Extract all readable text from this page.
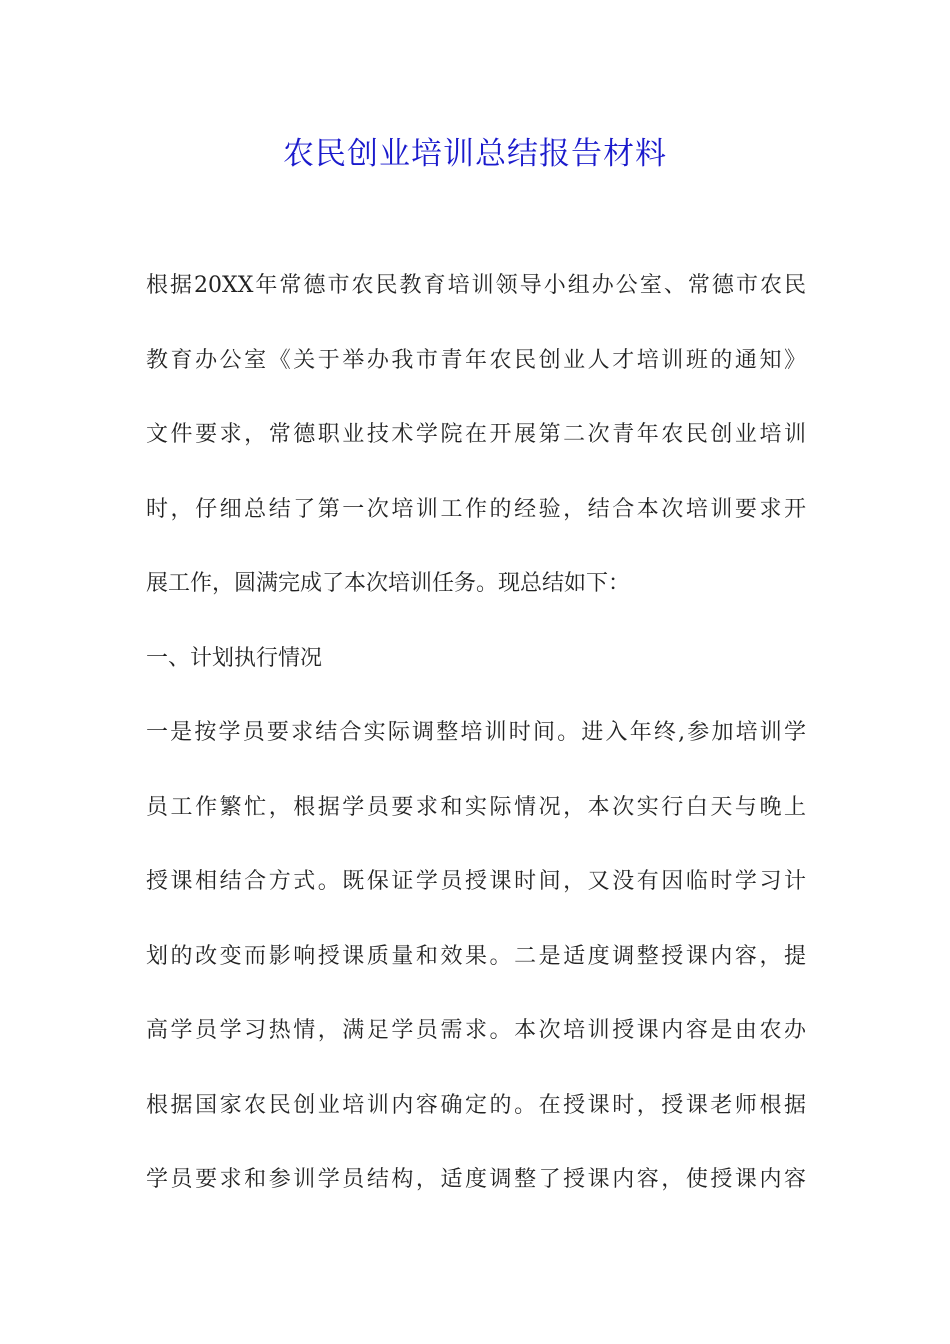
农民创业培训总结报告材料
根据20XX年常德市农民教育培训领导小组办公室、常德市农民
教育办公室《关于举办我市青年农民创业人才培训班的通知》
文件要求，常德职业技术学院在开展第二次青年农民创业培训
时，仔细总结了第一次培训工作的经验，结合本次培训要求开
展工作，圆满完成了本次培训任务。现总结如下：
一、计划执行情况
一是按学员要求结合实际调整培训时间。进入年终,参加培训学
员工作繁忙，根据学员要求和实际情况，本次实行白天与晚上
授课相结合方式。既保证学员授课时间，又没有因临时学习计
划的改变而影响授课质量和效果。二是适度调整授课内容，提
高学员学习热情，满足学员需求。本次培训授课内容是由农办
根据国家农民创业培训内容确定的。在授课时，授课老师根据
学员要求和参训学员结构，适度调整了授课内容，使授课内容
